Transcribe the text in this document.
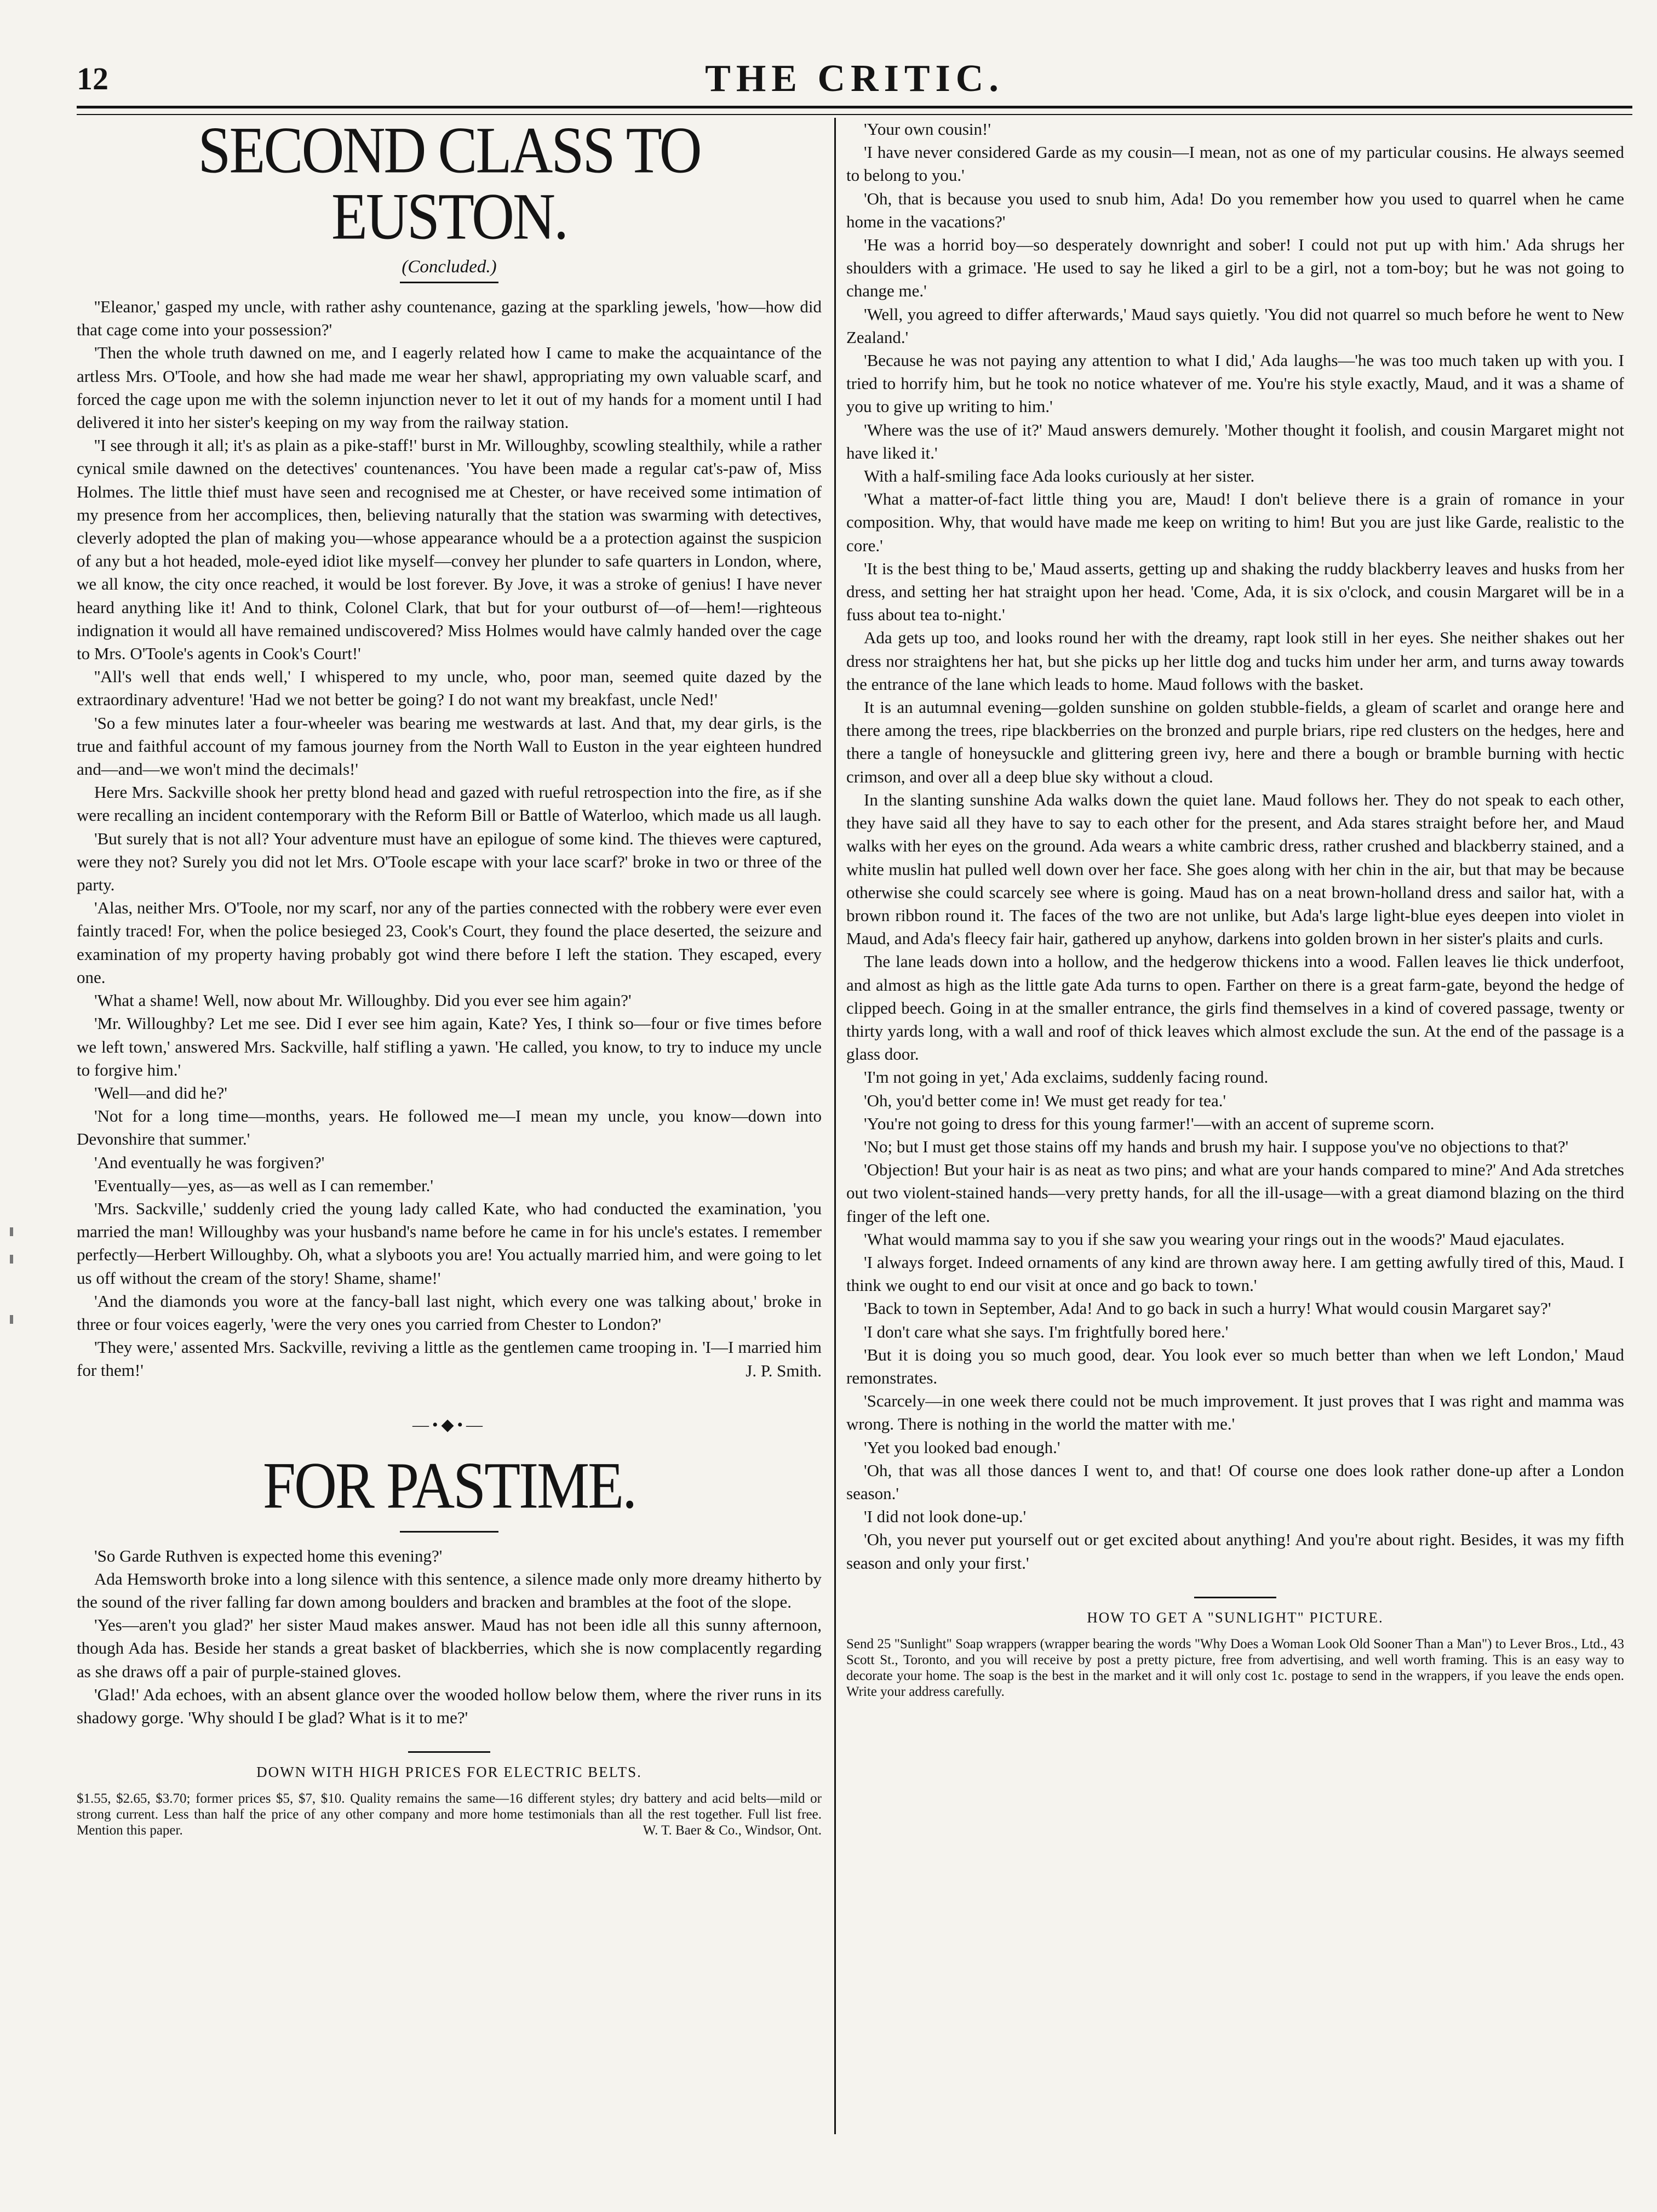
12	THE CRITIC.
SECOND CLASS TO EUSTON.
(Concluded.)

''Eleanor,' gasped my uncle, with rather ashy countenance, gazing at the sparkling jewels, 'how—how did that cage come into your possession?'

'Then the whole truth dawned on me, and I eagerly related how I came to make the acquaintance of the artless Mrs. O'Toole, and how she had made me wear her shawl, appropriating my own valuable scarf, and forced the cage upon me with the solemn injunction never to let it out of my hands for a moment until I had delivered it into her sister's keeping on my way from the railway station.

''I see through it all; it's as plain as a pike-staff!' burst in Mr. Willoughby, scowling stealthily, while a rather cynical smile dawned on the detectives' countenances. 'You have been made a regular cat's-paw of, Miss Holmes. The little thief must have seen and recognised me at Chester, or have received some intimation of my presence from her accomplices, then, believing naturally that the station was swarming with detectives, cleverly adopted the plan of making you—whose appearance whould be a a protection against the suspicion of any but a hot headed, mole-eyed idiot like myself—convey her plunder to safe quarters in London, where, we all know, the city once reached, it would be lost forever. By Jove, it was a stroke of genius! I have never heard anything like it! And to think, Colonel Clark, that but for your outburst of—of—hem!—righteous indignation it would all have remained undiscovered? Miss Holmes would have calmly handed over the cage to Mrs. O'Toole's agents in Cook's Court!'

''All's well that ends well,' I whispered to my uncle, who, poor man, seemed quite dazed by the extraordinary adventure! 'Had we not better be going? I do not want my breakfast, uncle Ned!'

'So a few minutes later a four-wheeler was bearing me westwards at last. And that, my dear girls, is the true and faithful account of my famous journey from the North Wall to Euston in the year eighteen hundred and—and—we won't mind the decimals!'

Here Mrs. Sackville shook her pretty blond head and gazed with rueful retrospection into the fire, as if she were recalling an incident contemporary with the Reform Bill or Battle of Waterloo, which made us all laugh.

'But surely that is not all? Your adventure must have an epilogue of some kind. The thieves were captured, were they not? Surely you did not let Mrs. O'Toole escape with your lace scarf?' broke in two or three of the party.

'Alas, neither Mrs. O'Toole, nor my scarf, nor any of the parties connected with the robbery were ever even faintly traced! For, when the police besieged 23, Cook's Court, they found the place deserted, the seizure and examination of my property having probably got wind there before I left the station. They escaped, every one.

'What a shame! Well, now about Mr. Willoughby. Did you ever see him again?'

'Mr. Willoughby? Let me see. Did I ever see him again, Kate? Yes, I think so—four or five times before we left town,' answered Mrs. Sackville, half stifling a yawn. 'He called, you know, to try to induce my uncle to forgive him.'

'Well—and did he?'

'Not for a long time—months, years. He followed me—I mean my uncle, you know—down into Devonshire that summer.'

'And eventually he was forgiven?'

'Eventually—yes, as—as well as I can remember.'

'Mrs. Sackville,' suddenly cried the young lady called Kate, who had conducted the examination, 'you married the man! Willoughby was your husband's name before he came in for his uncle's estates. I remember perfectly—Herbert Willoughby. Oh, what a slyboots you are! You actually married him, and were going to let us off without the cream of the story! Shame, shame!'

'And the diamonds you wore at the fancy-ball last night, which every one was talking about,' broke in three or four voices eagerly, 'were the very ones you carried from Chester to London?'

'They were,' assented Mrs. Sackville, reviving a little as the gentlemen came trooping in. 'I—I married him for them!'	J. P. Smith.
—•◆•—
FOR PASTIME.

'So Garde Ruthven is expected home this evening?'

Ada Hemsworth broke into a long silence with this sentence, a silence made only more dreamy hitherto by the sound of the river falling far down among boulders and bracken and brambles at the foot of the slope.

'Yes—aren't you glad?' her sister Maud makes answer. Maud has not been idle all this sunny afternoon, though Ada has. Beside her stands a great basket of blackberries, which she is now complacently regarding as she draws off a pair of purple-stained gloves.

'Glad!' Ada echoes, with an absent glance over the wooded hollow below them, where the river runs in its shadowy gorge. 'Why should I be glad? What is it to me?'

DOWN WITH HIGH PRICES FOR ELECTRIC BELTS.
$1.55, $2.65, $3.70; former prices $5, $7, $10. Quality remains the same—16 different styles; dry battery and acid belts—mild or strong current. Less than half the price of any other company and more home testimonials than all the rest together. Full list free. Mention this paper.	W. T. Baer & Co., Windsor, Ont.

'Your own cousin!'

'I have never considered Garde as my cousin—I mean, not as one of my particular cousins. He always seemed to belong to you.'

'Oh, that is because you used to snub him, Ada! Do you remember how you used to quarrel when he came home in the vacations?'

'He was a horrid boy—so desperately downright and sober! I could not put up with him.' Ada shrugs her shoulders with a grimace. 'He used to say he liked a girl to be a girl, not a tom-boy; but he was not going to change me.'

'Well, you agreed to differ afterwards,' Maud says quietly. 'You did not quarrel so much before he went to New Zealand.'

'Because he was not paying any attention to what I did,' Ada laughs—'he was too much taken up with you. I tried to horrify him, but he took no notice whatever of me. You're his style exactly, Maud, and it was a shame of you to give up writing to him.'

'Where was the use of it?' Maud answers demurely. 'Mother thought it foolish, and cousin Margaret might not have liked it.'

With a half-smiling face Ada looks curiously at her sister.

'What a matter-of-fact little thing you are, Maud! I don't believe there is a grain of romance in your composition. Why, that would have made me keep on writing to him! But you are just like Garde, realistic to the core.'

'It is the best thing to be,' Maud asserts, getting up and shaking the ruddy blackberry leaves and husks from her dress, and setting her hat straight upon her head. 'Come, Ada, it is six o'clock, and cousin Margaret will be in a fuss about tea to-night.'

Ada gets up too, and looks round her with the dreamy, rapt look still in her eyes. She neither shakes out her dress nor straightens her hat, but she picks up her little dog and tucks him under her arm, and turns away towards the entrance of the lane which leads to home. Maud follows with the basket.

It is an autumnal evening—golden sunshine on golden stubble-fields, a gleam of scarlet and orange here and there among the trees, ripe blackberries on the bronzed and purple briars, ripe red clusters on the hedges, here and there a tangle of honeysuckle and glittering green ivy, here and there a bough or bramble burning with hectic crimson, and over all a deep blue sky without a cloud.

In the slanting sunshine Ada walks down the quiet lane. Maud follows her. They do not speak to each other, they have said all they have to say to each other for the present, and Ada stares straight before her, and Maud walks with her eyes on the ground. Ada wears a white cambric dress, rather crushed and blackberry stained, and a white muslin hat pulled well down over her face. She goes along with her chin in the air, but that may be because otherwise she could scarcely see where is going. Maud has on a neat brown-holland dress and sailor hat, with a brown ribbon round it. The faces of the two are not unlike, but Ada's large light-blue eyes deepen into violet in Maud, and Ada's fleecy fair hair, gathered up anyhow, darkens into golden brown in her sister's plaits and curls.

The lane leads down into a hollow, and the hedgerow thickens into a wood. Fallen leaves lie thick underfoot, and almost as high as the little gate Ada turns to open. Farther on there is a great farm-gate, beyond the hedge of clipped beech. Going in at the smaller entrance, the girls find themselves in a kind of covered passage, twenty or thirty yards long, with a wall and roof of thick leaves which almost exclude the sun. At the end of the passage is a glass door.

'I'm not going in yet,' Ada exclaims, suddenly facing round.

'Oh, you'd better come in! We must get ready for tea.'

'You're not going to dress for this young farmer!'—with an accent of supreme scorn.

'No; but I must get those stains off my hands and brush my hair. I suppose you've no objections to that?'

'Objection! But your hair is as neat as two pins; and what are your hands compared to mine?' And Ada stretches out two violent-stained hands—very pretty hands, for all the ill-usage—with a great diamond blazing on the third finger of the left one.

'What would mamma say to you if she saw you wearing your rings out in the woods?' Maud ejaculates.

'I always forget. Indeed ornaments of any kind are thrown away here. I am getting awfully tired of this, Maud. I think we ought to end our visit at once and go back to town.'

'Back to town in September, Ada! And to go back in such a hurry! What would cousin Margaret say?'

'I don't care what she says. I'm frightfully bored here.'

'But it is doing you so much good, dear. You look ever so much better than when we left London,' Maud remonstrates.

'Scarcely—in one week there could not be much improvement. It just proves that I was right and mamma was wrong. There is nothing in the world the matter with me.'

'Yet you looked bad enough.'

'Oh, that was all those dances I went to, and that! Of course one does look rather done-up after a London season.'

'I did not look done-up.'

'Oh, you never put yourself out or get excited about anything! And you're about right. Besides, it was my fifth season and only your first.'

HOW TO GET A "SUNLIGHT" PICTURE.
Send 25 "Sunlight" Soap wrappers (wrapper bearing the words "Why Does a Woman Look Old Sooner Than a Man") to Lever Bros., Ltd., 43 Scott St., Toronto, and you will receive by post a pretty picture, free from advertising, and well worth framing. This is an easy way to decorate your home. The soap is the best in the market and it will only cost 1c. postage to send in the wrappers, if you leave the ends open. Write your address carefully.
